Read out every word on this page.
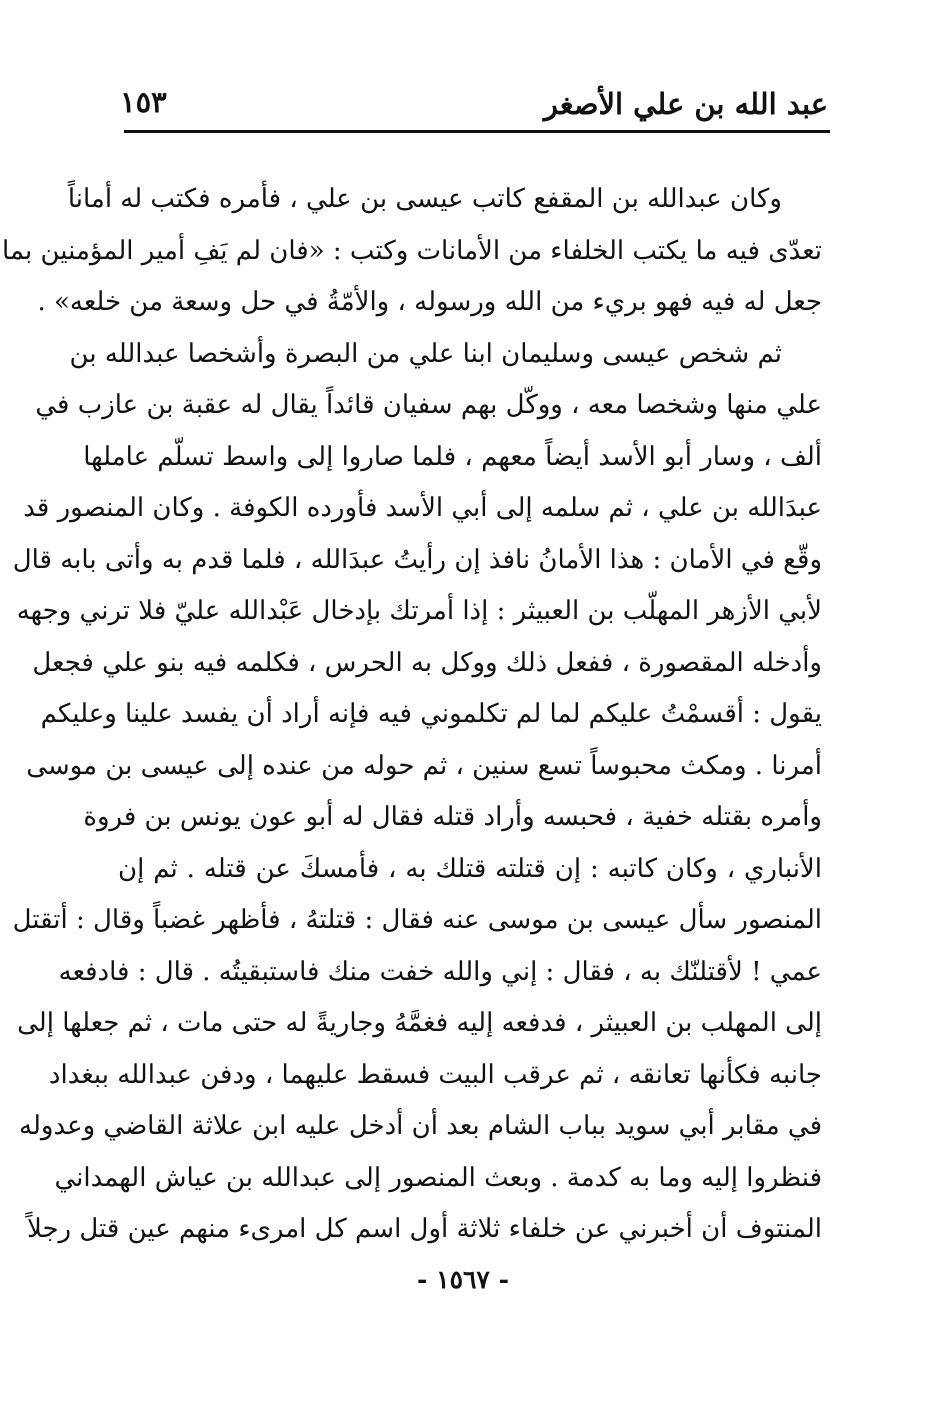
عبد الله بن علي الأصغر
١٥٣
وكان عبدالله بن المقفع كاتب عيسى بن علي ، فأمره فكتب له أماناً
تعدّى فيه ما يكتب الخلفاء من الأمانات وكتب : «فان لم يَفِ أمير المؤمنين بما
جعل له فيه فهو بريء من الله ورسوله ، والأمّةُ في حل وسعة من خلعه» .
ثم شخص عيسى وسليمان ابنا علي من البصرة وأشخصا عبدالله بن
علي منها وشخصا معه ، ووكّل بهم سفيان قائداً يقال له عقبة بن عازب في
ألف ، وسار أبو الأسد أيضاً معهم ، فلما صاروا إلى واسط تسلّم عاملها
عبدَالله بن علي ، ثم سلمه إلى أبي الأسد فأورده الكوفة . وكان المنصور قد
وقّع في الأمان : هذا الأمانُ نافذ إن رأيتُ عبدَالله ، فلما قدم به وأتى بابه قال
لأبي الأزهر المهلّب بن العبيثر : إذا أمرتك بإدخال عَبْدالله عليّ فلا ترني وجهه
وأدخله المقصورة ، ففعل ذلك ووكل به الحرس ، فكلمه فيه بنو علي فجعل
يقول : أقسمْتُ عليكم لما لم تكلموني فيه فإنه أراد أن يفسد علينا وعليكم
أمرنا . ومكث محبوساً تسع سنين ، ثم حوله من عنده إلى عيسى بن موسى
وأمره بقتله خفية ، فحبسه وأراد قتله فقال له أبو عون يونس بن فروة
الأنباري ، وكان كاتبه : إن قتلته قتلك به ، فأمسكَ عن قتله . ثم إن
المنصور سأل عيسى بن موسى عنه فقال : قتلتهُ ، فأظهر غضباً وقال : أتقتل
عمي ! لأقتلنّك به ، فقال : إني والله خفت منك فاستبقيتُه . قال : فادفعه
إلى المهلب بن العبيثر ، فدفعه إليه فغمَّهُ وجاريةً له حتى مات ، ثم جعلها إلى
جانبه فكأنها تعانقه ، ثم عرقب البيت فسقط عليهما ، ودفن عبدالله ببغداد
في مقابر أبي سويد بباب الشام بعد أن أدخل عليه ابن علاثة القاضي وعدوله
فنظروا إليه وما به كدمة . وبعث المنصور إلى عبدالله بن عياش الهمداني
المنتوف أن أخبرني عن خلفاء ثلاثة أول اسم كل امرىء منهم عين قتل رجلاً
- ١٥٦٧ -
